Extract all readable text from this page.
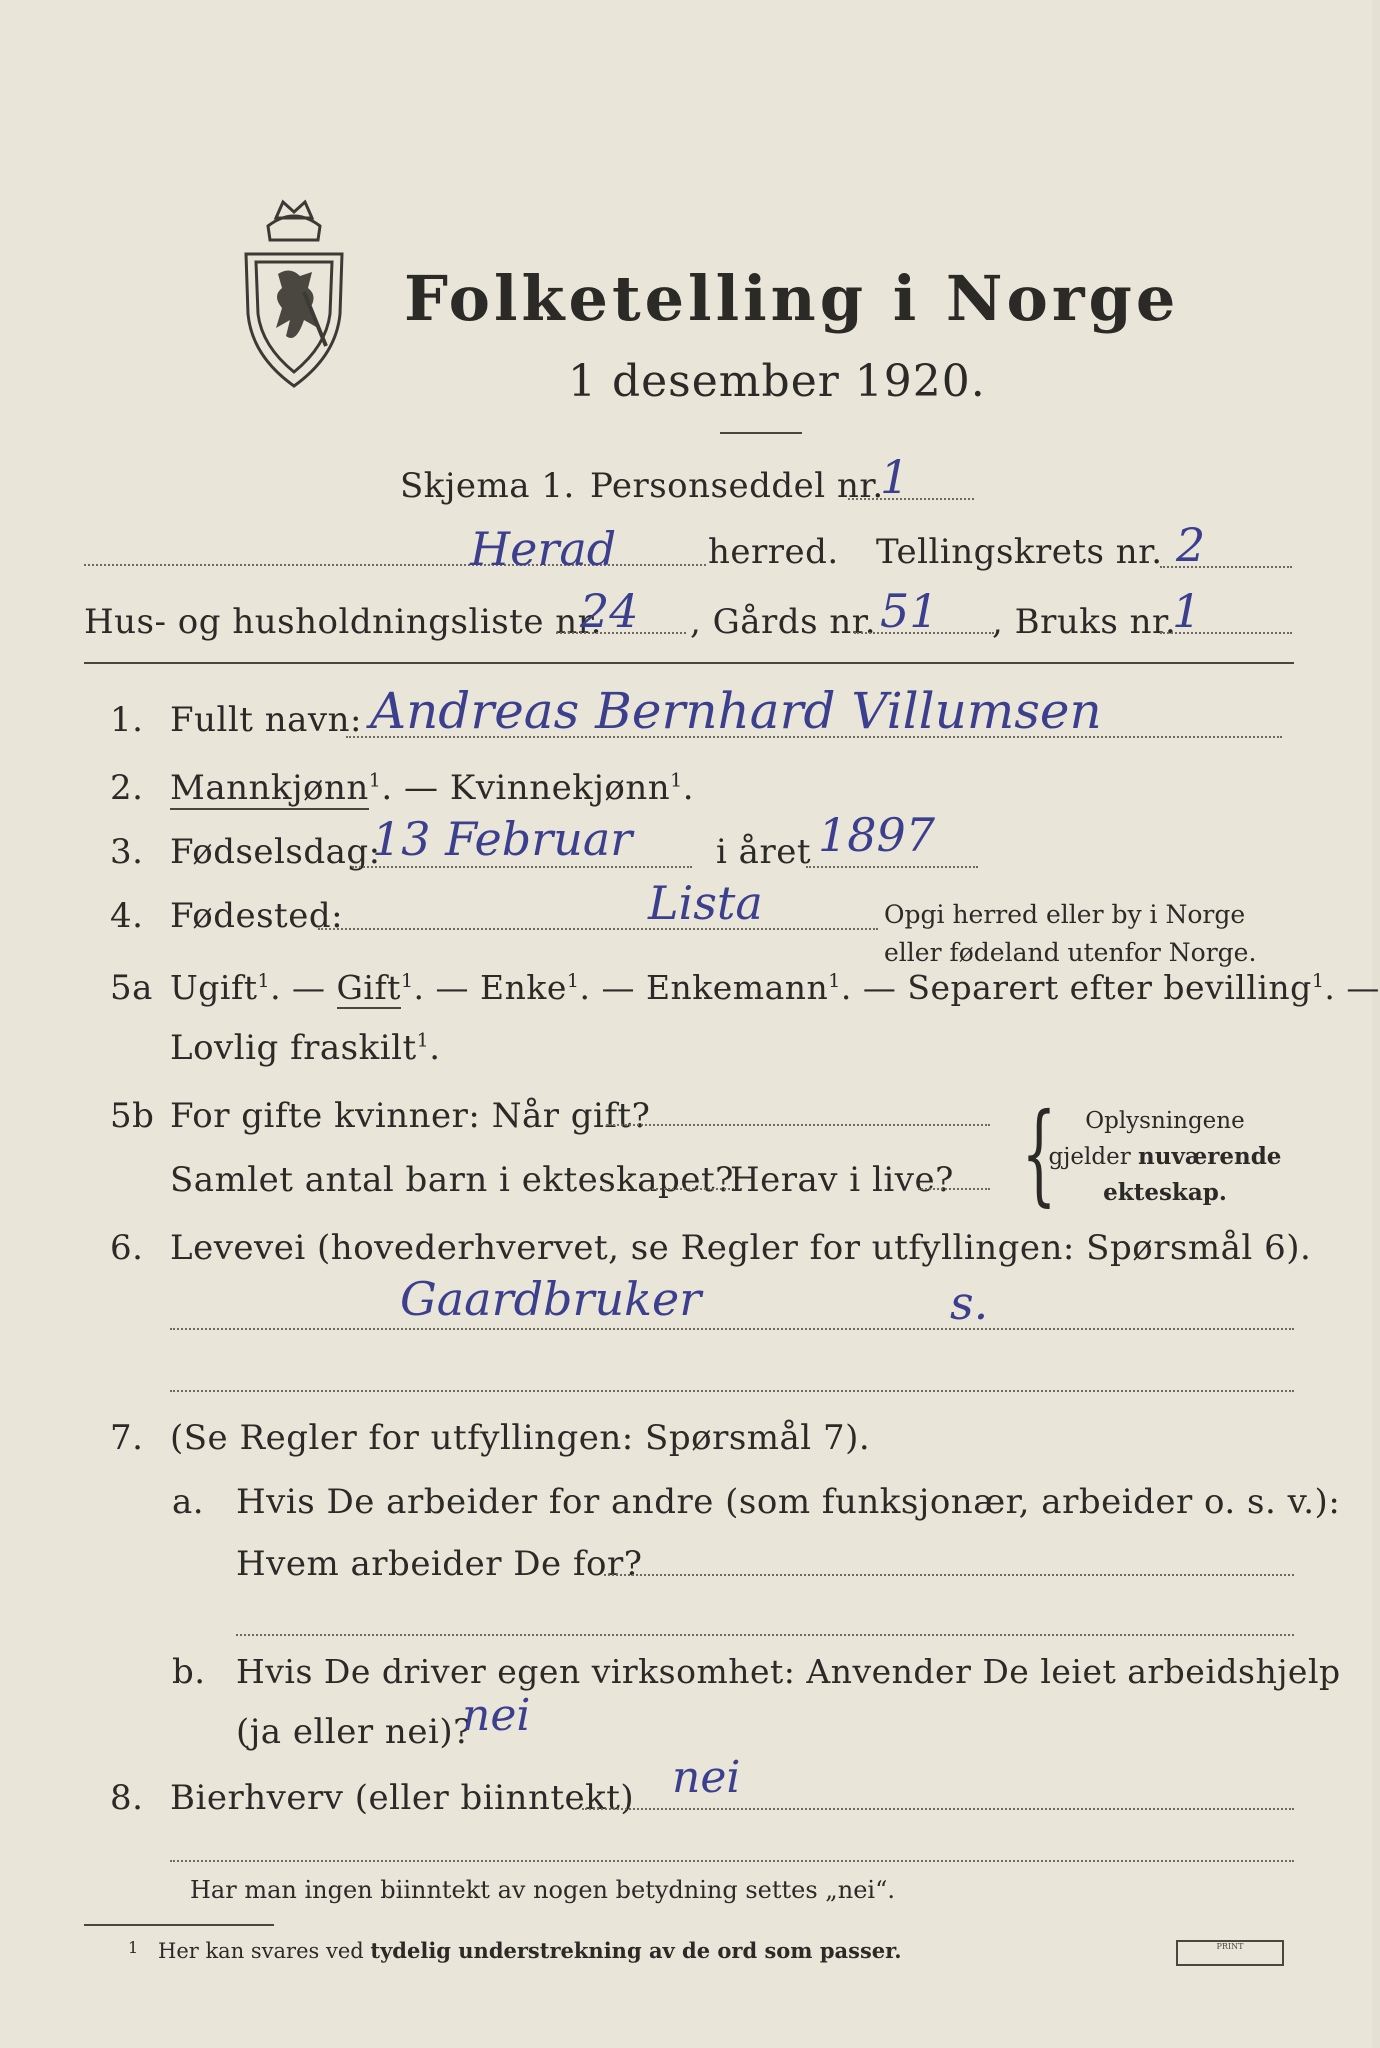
Folketelling i Norge
1 desember 1920.
Skjema 1. Personseddel nr.
1
Herad	herred. Tellingskrets nr. 2
Hus- og husholdningsliste nr.
24 , Gårds nr. 51 , Bruks nr.
1
1. Fullt navn: Andreas Bernhard Villumsen
2. Mannkjønn$^1$. — Kvinnekjønn$^1$.
3. Fødselsdag:
13 Februar i året 1897
4. Fødested:	Lista	Opgi herred eller by i Norge
eller fødeland utenfor Norge.
5a Ugift$^1$. — Gift$^1$. — Enke$^1$. — Enkemann$^1$. — Separert efter bevilling$^1$. —
Lovlig fraskilt$^1$.
5b For gifte kvinner: Når gift?
Samlet antal barn i ekteskapet?
Herav i live? {	Oplysningene
gjelder nuværende
ekteskap.
6. Levevei (hovederhvervet, se Regler for utfyllingen: Spørsmål 6).
Gaardbruker	s.
7. (Se Regler for utfyllingen: Spørsmål 7).
a. Hvis De arbeider for andre (som funksjonær, arbeider o. s. v.):
Hvem arbeider De for?
b. Hvis De driver egen virksomhet: Anvender De leiet arbeidshjelp
(ja eller nei)?
nei
8. Bierhverv (eller biinntekt) nei
Har man ingen biinntekt av nogen betydning settes „nei“.
1 Her kan svares ved tydelig understrekning av de ord som passer.	PRINT
